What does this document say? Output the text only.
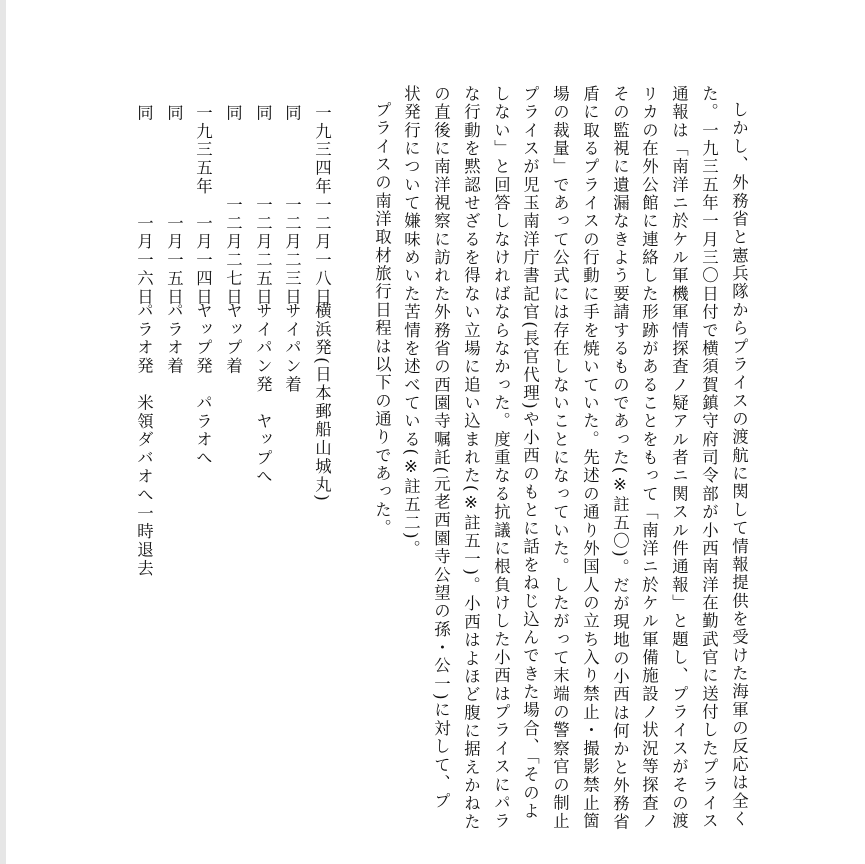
しかし、外務省と憲兵隊からプライスの渡航に関して情報提供を受けた海軍の反応は全く
た。一九三五年一月三〇日付で横須賀鎮守府司令部が小西南洋在勤武官に送付したプライス
通報は「南洋ニ於ケル軍機軍情探査ノ疑アル者ニ関スル件通報」と題し、プライスがその渡
リカの在外公館に連絡した形跡があることをもって「南洋ニ於ケル軍備施設ノ状況等探査ノ
その監視に遺漏なきよう要請するものであった(※註五〇)。だが現地の小西は何かと外務省
盾に取るプライスの行動に手を焼いていた。先述の通り外国人の立ち入り禁止・撮影禁止箇
場の裁量」であって公式には存在しないことになっていた。したがって末端の警察官の制止
プライスが児玉南洋庁書記官(長官代理)や小西のもとに話をねじ込んできた場合、「そのよ
しない」と回答しなければならなかった。度重なる抗議に根負けした小西はプライスにパラ
な行動を黙認せざるを得ない立場に追い込まれた(※註五一)。小西はよほど腹に据えかねた
の直後に南洋視察に訪れた外務省の西園寺嘱託(元老西園寺公望の孫・公一)に対して、プ
状発行について嫌味めいた苦情を述べている(※註五二)。
プライスの南洋取材旅行日程は以下の通りであった。
一九三四年一二月一八日
横浜発(日本郵船山城丸)
同　　　　一二月二三日
サイパン着
同　　　　一二月二五日
サイパン発　ヤップへ
同　　　　一二月二七日
ヤップ着
一九三五年　一月一四日
ヤップ発　パラオへ
同　　　　　一月一五日
パラオ着
同　　　　　一月一六日
パラオ発　米領ダバオへ一時退去
